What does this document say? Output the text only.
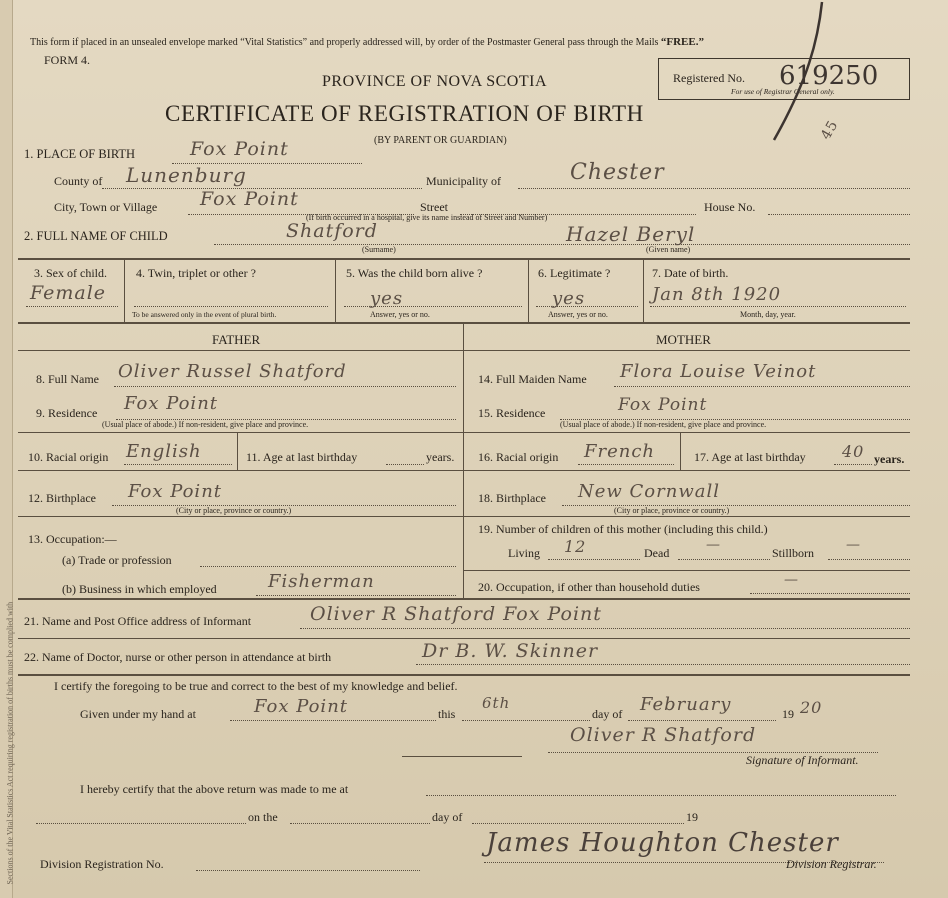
Sections of the Vital Statistics Act requiring registration of births must be complied with
This form if placed in an unsealed envelope marked “Vital Statistics” and properly addressed will, by order of the Postmaster General pass through the Mails “FREE.”
FORM 4.
PROVINCE OF NOVA SCOTIA
CERTIFICATE OF REGISTRATION OF BIRTH
(BY PARENT OR GUARDIAN)
Registered No. 619250
For use of Registrar General only.
45
1. PLACE OF BIRTH	Fox Point
County of Lunenburg	Municipality of	Chester
City, Town or Village Fox Point	Street	House No.
(If birth occurred in a hospital, give its name instead of Street and Number)
2. FULL NAME OF CHILD	Shatford
(Surname)
Hazel Beryl
(Given name)
3. Sex of child.
Female
4. Twin, triplet or other ?
To be answered only in the event of plural birth.
5. Was the child born alive ?
yes
Answer, yes or no.
6. Legitimate ?
yes
Answer, yes or no.
7. Date of birth.
Jan 8th 1920
Month, day, year.
FATHER	MOTHER
8. Full Name Oliver Russel Shatford
9. Residence Fox Point
(Usual place of abode.) If non-resident, give place and province.
10. Racial origin English	11. Age at last birthday	years.
12. Birthplace Fox Point
(City or place, province or country.)
13. Occupation:—
(a) Trade or profession
(b) Business in which employed	Fisherman
14. Full Maiden Name Flora Louise Veinot
15. Residence	Fox Point
(Usual place of abode.) If non-resident, give place and province.
16. Racial origin French	17. Age at last birthday 40 years.
18. Birthplace New Cornwall
(City or place, province or country.)
19. Number of children of this mother (including this child.)
Living 12	Dead	—	Stillborn —
20. Occupation, if other than household duties	—
21. Name and Post Office address of Informant	Oliver R Shatford Fox Point
22. Name of Doctor, nurse or other person in attendance at birth	Dr B. W. Skinner
I certify the foregoing to be true and correct to the best of my knowledge and belief.
Given under my hand at	Fox Point	this
6th
day of February	19 20
Oliver R Shatford
Signature of Informant.
I hereby certify that the above return was made to me at
on the	day of	19
James Houghton Chester
Division Registration No.	Division Registrar.
